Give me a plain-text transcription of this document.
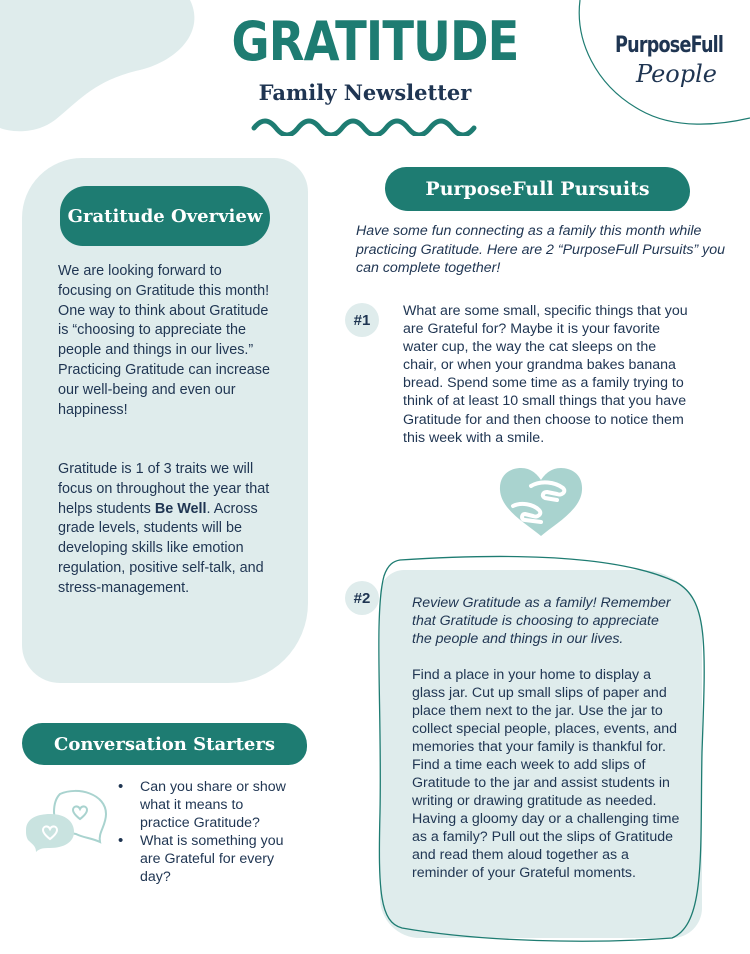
GRATITUDE
Family Newsletter
PurposeFull
People
Gratitude Overview
We are looking forward to focusing on Gratitude this month! One way to think about Gratitude is “choosing to appreciate the people and things in our lives.” Practicing Gratitude can increase our well-being and even our happiness!
Gratitude is 1 of 3 traits we will focus on throughout the year that helps students Be Well. Across grade levels, students will be developing skills like emotion regulation, positive self-talk, and stress-management.
PurposeFull Pursuits
Have some fun connecting as a family this month while practicing Gratitude. Here are 2 “PurposeFull Pursuits” you can complete together!
#1
What are some small, specific things that you are Grateful for? Maybe it is your favorite water cup, the way the cat sleeps on the chair, or when your grandma bakes banana bread. Spend some time as a family trying to think of at least 10 small things that you have Gratitude for and then choose to notice them this week with a smile.
#2	Review Gratitude as a family! Remember that Gratitude is choosing to appreciate the people and things in our lives.
Find a place in your home to display a glass jar. Cut up small slips of paper and place them next to the jar. Use the jar to collect special people, places, events, and memories that your family is thankful for. Find a time each week to add slips of Gratitude to the jar and assist students in writing or drawing gratitude as needed. Having a gloomy day or a challenging time as a family? Pull out the slips of Gratitude and read them aloud together as a reminder of your Grateful moments.
Conversation Starters
• Can you share or show what it means to practice Gratitude?
• What is something you are Grateful for every day?
